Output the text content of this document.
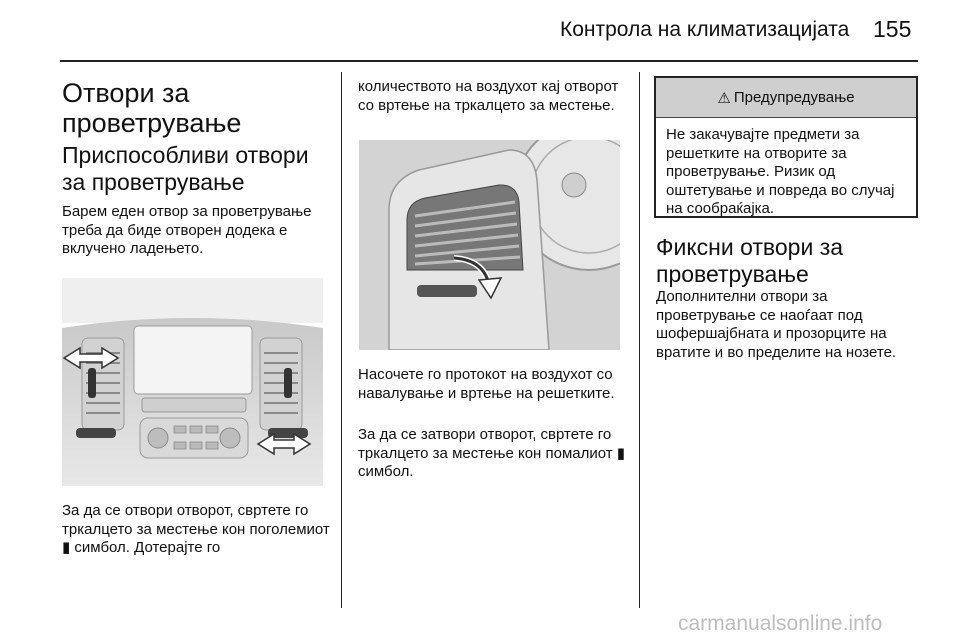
Контрола на климатизацијата 155
Отвори за проветрување
Приспособливи отвори за проветрување
Барем еден отвор за проветрување треба да биде отворен додека е вклучено ладењето.
За да се отвори отворот, свртете го тркалцето за местење кон поголемиот ▮ симбол. Дотерајте го
количеството на воздухот кај отворот со вртење на тркалцето за местење.
Насочете го протокот на воздухот со навалување и вртење на решетките.
За да се затвори отворот, свртете го тркалцето за местење кон помалиот ▮ симбол.
⚠ Предупредување
Не закачувајте предмети за решетките на отворите за проветрување. Ризик од оштетување и повреда во случај на сообраќајка.
Фиксни отвори за проветрување
Дополнителни отвори за проветрување се наоѓаат под шофершајбната и прозорците на вратите и во пределите на нозете.
carmanualsonline.info
